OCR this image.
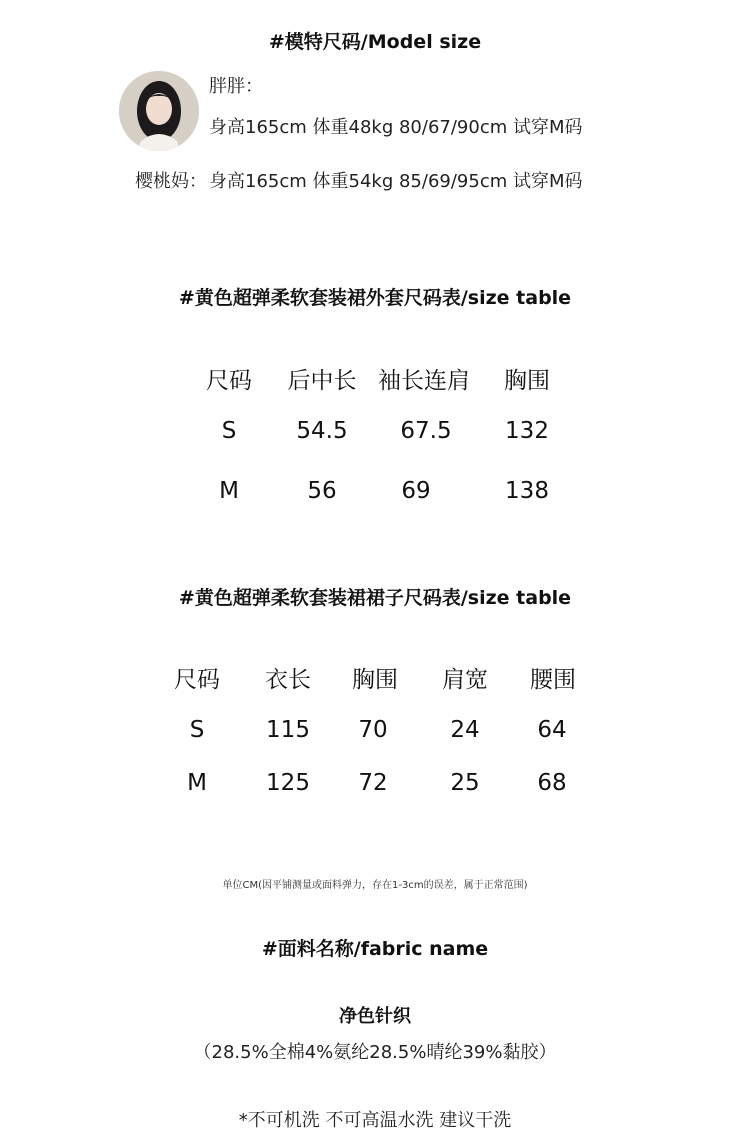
#模特尺码/Model size
胖胖：
身高165cm 体重48kg 80/67/90cm 试穿M码
樱桃妈： 身高165cm 体重54kg 85/69/95cm 试穿M码
#黄色超弹柔软套装裙外套尺码表/size table
尺码 后中长 袖长连肩 胸围
S	54.5 67.5 132
M	56	69	138
#黄色超弹柔软套装裙裙子尺码表/size table
尺码 衣长 胸围 肩宽 腰围
S	115 70	24	64
M	125 72	25	68
单位CM(因平铺测量或面料弹力，存在1-3cm的误差，属于正常范围)
#面料名称/fabric name
净色针织
（28.5%全棉4%氨纶28.5%晴纶39%黏胶）
*不可机洗 不可高温水洗 建议干洗
